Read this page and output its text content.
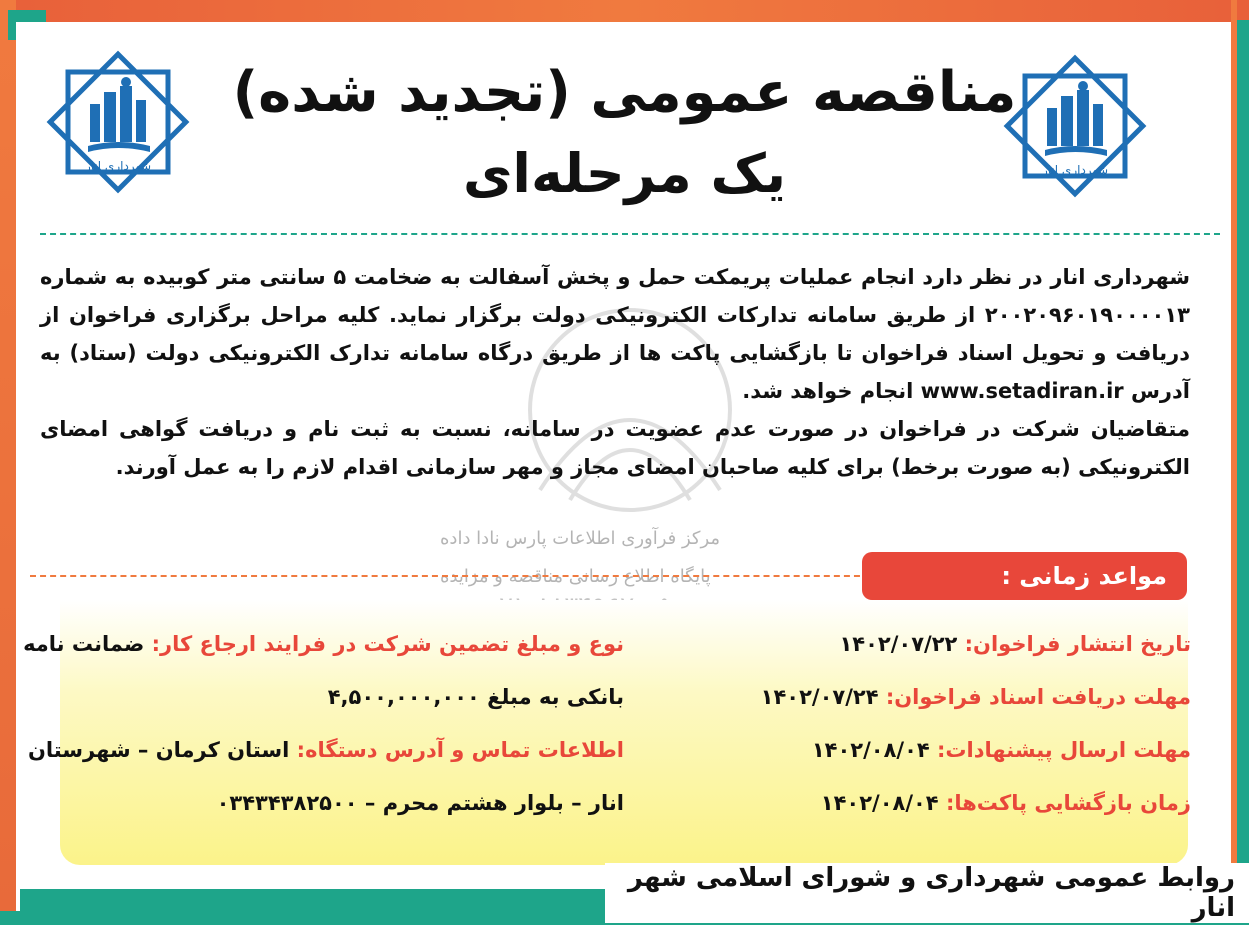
شهرداری انار	شهرداری انار
مناقصه عمومی (تجدید شده)
یک مرحله‌ای
مرکز فرآوری اطلاعات پارس نادا داده
پایگاه اطلاع رسانی مناقصه و مزایده

شهرداری انار در نظر دارد انجام عملیات پریمکت حمل و پخش آسفالت به ضخامت ۵ سانتی متر کوبیده به شماره ۲۰۰۲۰۹۶۰۱۹۰۰۰۰۱۳ از طریق سامانه تداركات الكترونيكی دولت برگزار نماید. کلیه مراحل برگزاری فراخوان از دریافت و تحویل اسناد فراخوان تا بازگشایی پاکت ها از طریق درگاه سامانه تدارک الکترونیکی دولت (ستاد) به آدرس www.setadiran.ir انجام خواهد شد.

متقاضیان شرکت در فراخوان در صورت عدم عضویت در سامانه، نسبت به ثبت نام و دریافت گواهی امضای الکترونیکی (به صورت برخط) برای کلیه صاحبان امضای مجاز و مهر سازمانی اقدام لازم را به عمل آورند.

مواعد زمانی :
تاریخ انتشار فراخوان: ۱۴۰۲/۰۷/۲۲
مهلت دریافت اسناد فراخوان: ۱۴۰۲/۰۷/۲۴
مهلت ارسال پیشنهادات: ۱۴۰۲/۰۸/۰۴
زمان بازگشایی پاکت‌ها: ۱۴۰۲/۰۸/۰۴
نوع و مبلغ تضمین شرکت در فرایند ارجاع کار: ضمانت نامه
بانکی به مبلغ ۴,۵۰۰,۰۰۰,۰۰۰
اطلاعات تماس و آدرس دستگاه: استان کرمان – شهرستان
انار – بلوار هشتم محرم – ۰۳۴۳۴۳۸۲۵۰۰
روابط عمومی شهرداری و شورای اسلامی شهر انار
